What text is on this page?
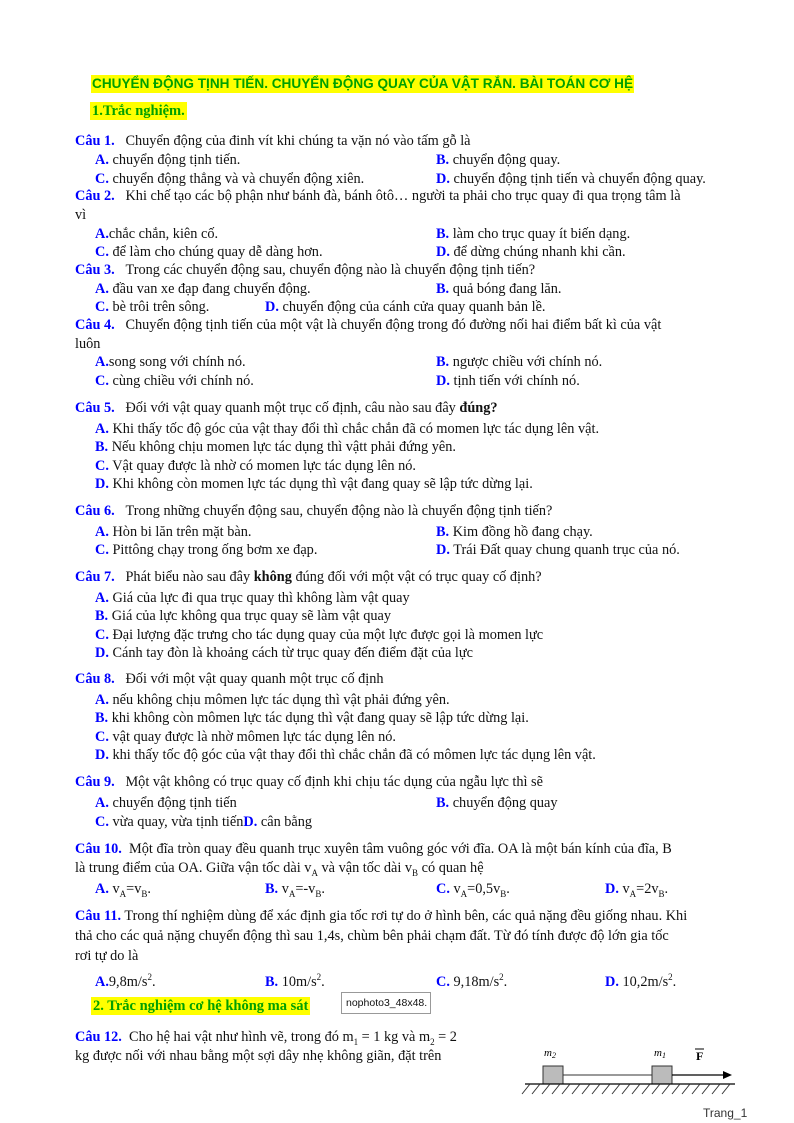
CHUYỂN ĐỘNG TỊNH TIẾN. CHUYỂN ĐỘNG QUAY CỦA VẬT RẮN. BÀI TOÁN CƠ HỆ
1.Trắc nghiệm.
Câu 1. Chuyển động của đinh vít khi chúng ta vặn nó vào tấm gỗ là
A. chuyển động tịnh tiến.	B. chuyển động quay.
C. chuyển động thẳng và và chuyển động xiên.	D. chuyển động tịnh tiến và chuyển động quay.
Câu 2. Khi chế tạo các bộ phận như bánh đà, bánh ôtô… người ta phải cho trục quay đi qua trọng tâm là
vì
A.chắc chắn, kiên cố.	B. làm cho trục quay ít biến dạng.
C. để làm cho chúng quay dễ dàng hơn.	D. để dừng chúng nhanh khi cần.
Câu 3. Trong các chuyển động sau, chuyển động nào là chuyển động tịnh tiến?
A. đầu van xe đạp đang chuyển động.	B. quả bóng đang lăn.
C. bè trôi trên sông.	D. chuyển động của cánh cửa quay quanh bản lề.
Câu 4. Chuyển động tịnh tiến của một vật là chuyển động trong đó đường nối hai điểm bất kì của vật
luôn
A.song song với chính nó.	B. ngược chiều với chính nó.
C. cùng chiều với chính nó.	D. tịnh tiến với chính nó.
Câu 5. Đối với vật quay quanh một trục cố định, câu nào sau đây đúng?
A. Khi thấy tốc độ góc của vật thay đổi thì chắc chắn đã có momen lực tác dụng lên vật.
B. Nếu không chịu momen lực tác dụng thì vậtt phải đứng yên.
C. Vật quay được là nhờ có momen lực tác dụng lên nó.
D. Khi không còn momen lực tác dụng thì vật đang quay sẽ lập tức dừng lại.
Câu 6. Trong những chuyển động sau, chuyển động nào là chuyển động tịnh tiến?
A. Hòn bi lăn trên mặt bàn.	B. Kim đồng hồ đang chạy.
C. Pittông chạy trong ống bơm xe đạp.	D. Trái Đất quay chung quanh trục của nó.
Câu 7. Phát biểu nào sau đây không đúng đối với một vật có trục quay cố định?
A. Giá của lực đi qua trục quay thì không làm vật quay
B. Giá của lực không qua trục quay sẽ làm vật quay
C. Đại lượng đặc trưng cho tác dụng quay của một lực được gọi là momen lực
D. Cánh tay đòn là khoảng cách từ trục quay đến điểm đặt của lực
Câu 8. Đối với một vật quay quanh một trục cố định
A. nếu không chịu mômen lực tác dụng thì vật phải đứng yên.
B. khi không còn mômen lực tác dụng thì vật đang quay sẽ lập tức dừng lại.
C. vật quay được là nhờ mômen lực tác dụng lên nó.
D. khi thấy tốc độ góc của vật thay đổi thì chắc chắn đã có mômen lực tác dụng lên vật.
Câu 9. Một vật không có trục quay cố định khi chịu tác dụng của ngẫu lực thì sẽ
A. chuyển động tịnh tiến	B. chuyển động quay
C. vừa quay, vừa tịnh tiếnD. cân bằng
Câu 10. Một đĩa tròn quay đều quanh trục xuyên tâm vuông góc với đĩa. OA là một bán kính của đĩa, B
là trung điểm của OA. Giữa vận tốc dài $v_A$ và vận tốc dài $v_B$ có quan hệ
A. $v_A=v_B$.	B. $v_A=-v_B$.	C. $v_A=0,5v_B$.	D. $v_A=2v_B$.
Câu 11. Trong thí nghiệm dùng để xác định gia tốc rơi tự do ở hình bên, các quả nặng đều giống nhau. Khi
thả cho các quả nặng chuyển động thì sau 1,4s, chùm bên phải chạm đất. Từ đó tính được độ lớn gia tốc
rơi tự do là
$A.9,8m/s^2$.	B. $10m/s^2$.	C. $9,18m/s^2$.	D. $10,2m/s^2$.
2. Trắc nghiệm cơ hệ không ma sát	nophoto3_48x48.
Câu 12. Cho hệ hai vật như hình vẽ, trong đó $m_1 = 1$ kg và $m_2 = 2$
kg được nối với nhau bằng một sợi dây nhẹ không giãn, đặt trên	m2	m1	F
Trang_1
